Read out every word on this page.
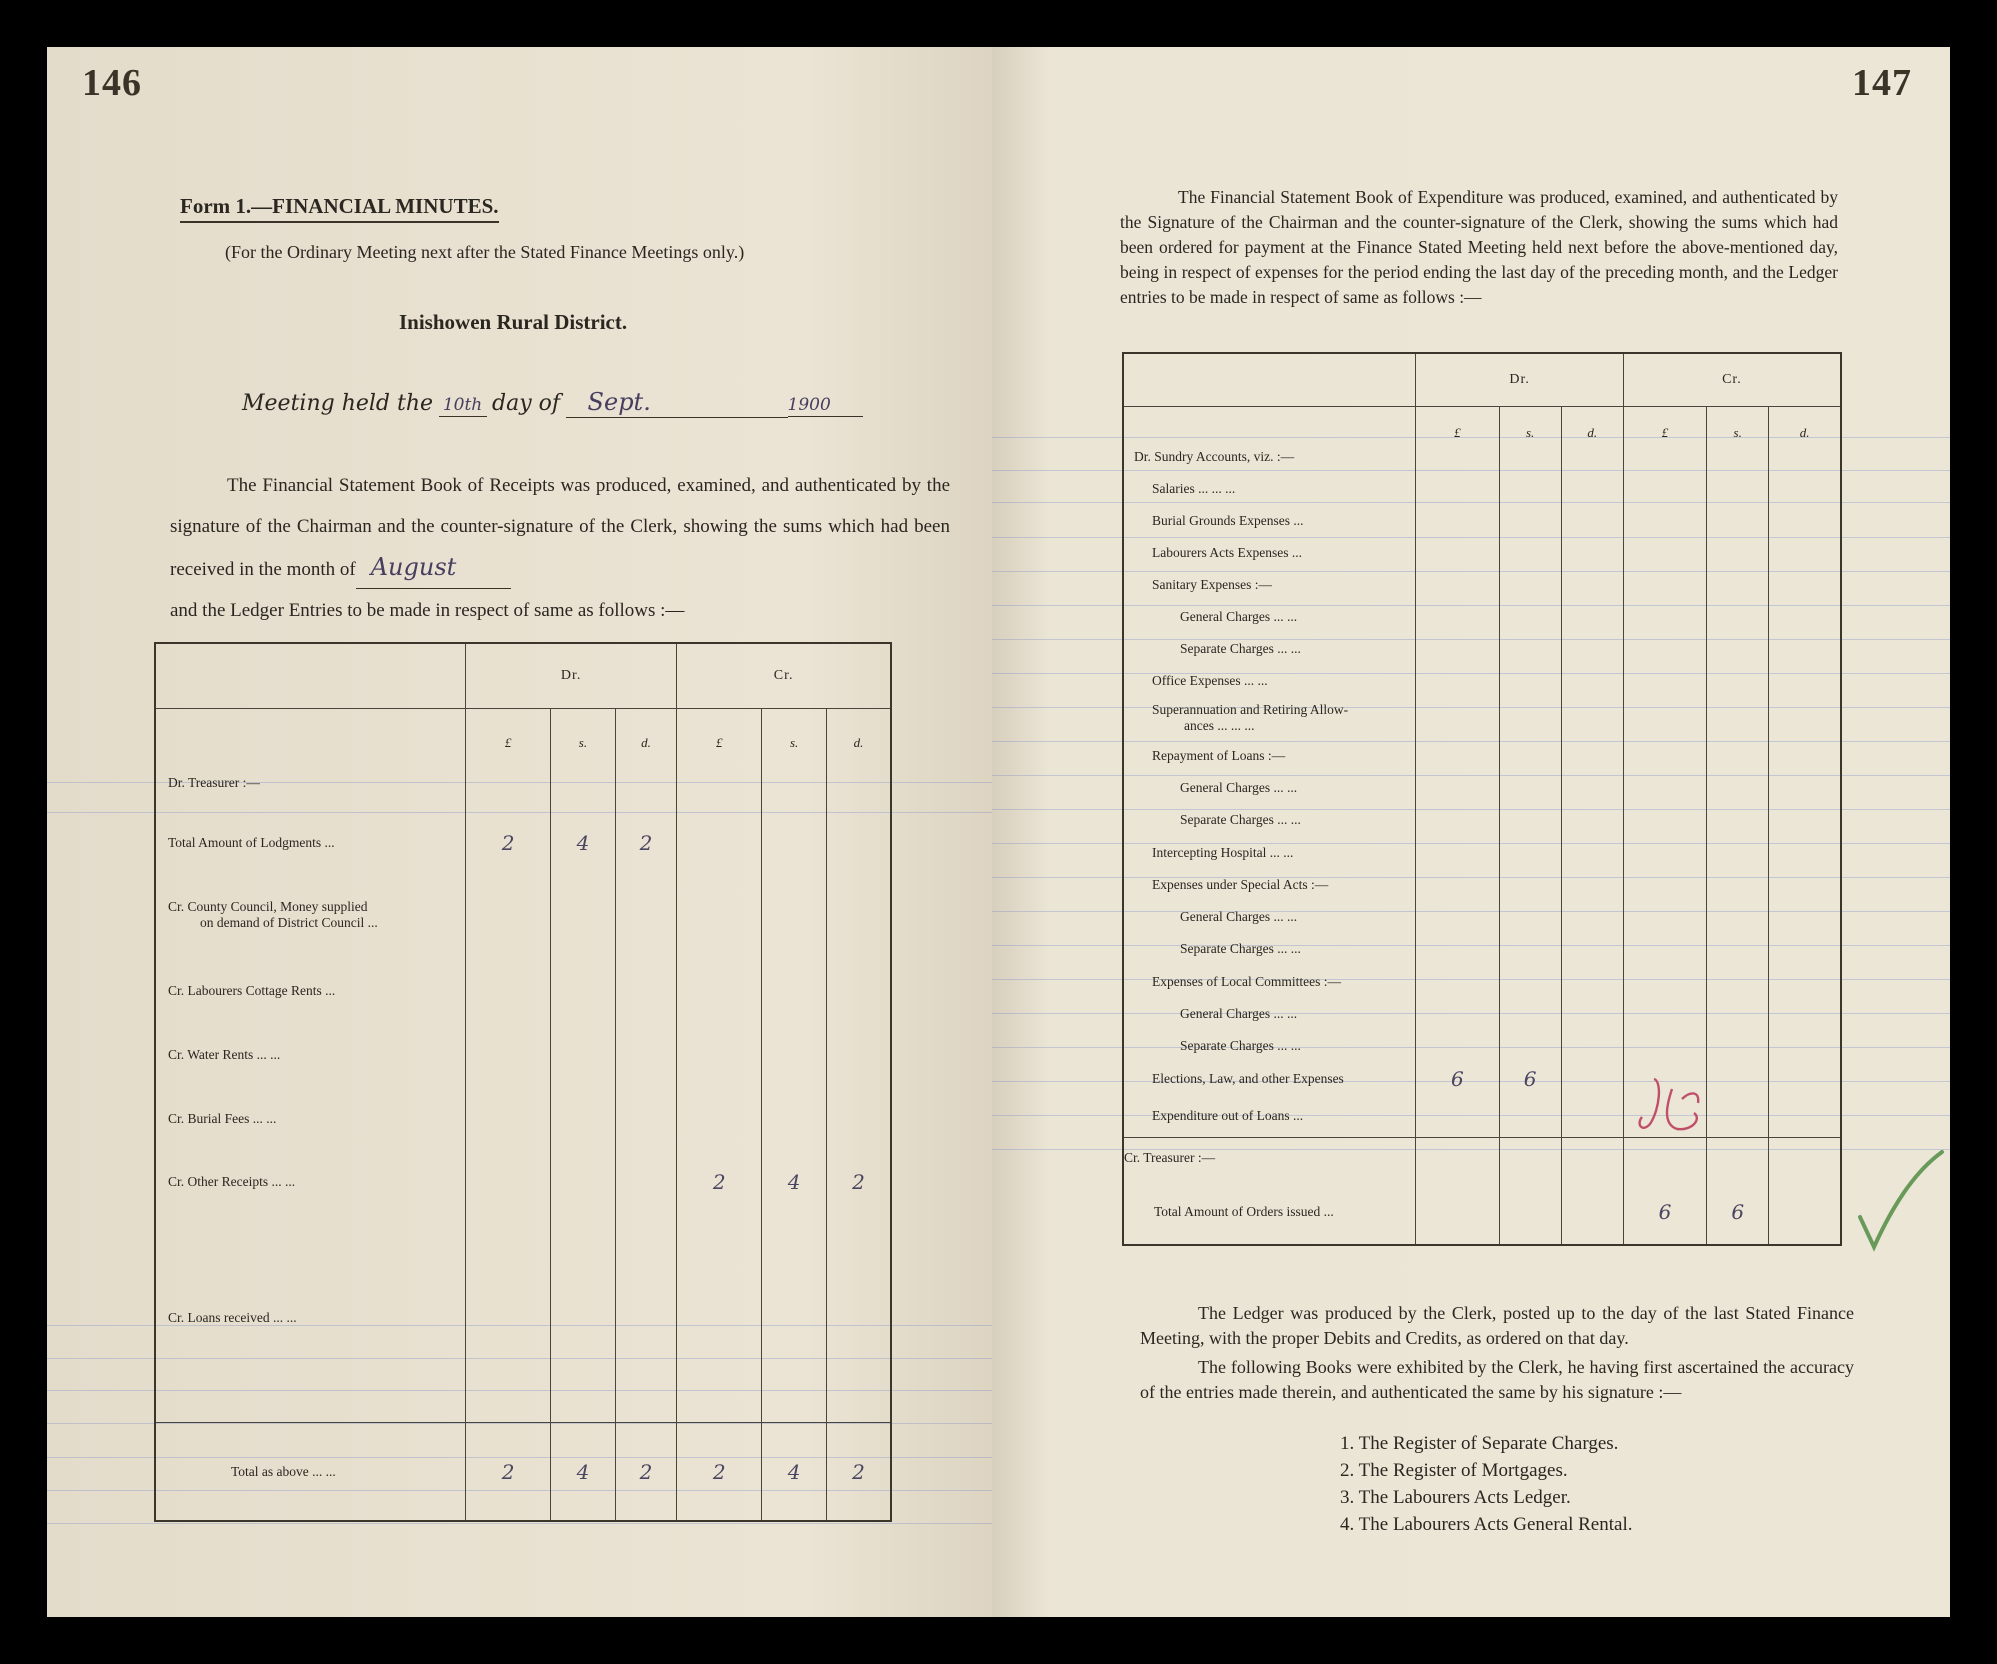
146
Form 1.—FINANCIAL MINUTES.
(For the Ordinary Meeting next after the Stated Finance Meetings only.)
Inishowen Rural District.
Meeting held the 10th day of Sept.	1900
The Financial Statement Book of Receipts was produced, examined, and authenticated by the signature of the Chairman and the counter-signature of the Clerk, showing the sums which had been received in the month of August
and the Ledger Entries to be made in respect of same as follows :—
	Dr.			Cr.		
	£	s.	d.	£	s.	d.
Dr. Treasurer :—						
Total Amount of Lodgments ...	2	4	2			
Cr. County Council, Money supplied
on demand of District Council ...						
Cr. Labourers Cottage Rents ...						
Cr. Water Rents ... ...						
Cr. Burial Fees ... ...						
Cr. Other Receipts ... ...				2	4	2
Cr. Loans received ... ...						
Total as above ... ...	2	4	2	2	4	2
147
The Financial Statement Book of Expenditure was produced, examined, and authenticated by the Signature of the Chairman and the counter-signature of the Clerk, showing the sums which had been ordered for payment at the Finance Stated Meeting held next before the above-mentioned day, being in respect of expenses for the period ending the last day of the preceding month, and the Ledger entries to be made in respect of same as follows :—
	Dr.			Cr.		
	£	s.	d.	£	s.	d.
Dr. Sundry Accounts, viz. :—						
Salaries ... ... ...						
Burial Grounds Expenses ...						
Labourers Acts Expenses ...						
Sanitary Expenses :—						
General Charges ... ...						
Separate Charges ... ...						
Office Expenses ... ...						
Superannuation and Retiring Allow-
ances ... ... ...						
Repayment of Loans :—						
General Charges ... ...						
Separate Charges ... ...						
Intercepting Hospital ... ...						
Expenses under Special Acts :—						
General Charges ... ...						
Separate Charges ... ...						
Expenses of Local Committees :—						
General Charges ... ...						
Separate Charges ... ...						
Elections, Law, and other Expenses	6	6				
Expenditure out of Loans ...						
Cr. Treasurer :—						
Total Amount of Orders issued ...				6	6	
The Ledger was produced by the Clerk, posted up to the day of the last Stated Finance Meeting, with the proper Debits and Credits, as ordered on that day.
The following Books were exhibited by the Clerk, he having first ascertained the accuracy of the entries made therein, and authenticated the same by his signature :—
1. The Register of Separate Charges.
2. The Register of Mortgages.
3. The Labourers Acts Ledger.
4. The Labourers Acts General Rental.
